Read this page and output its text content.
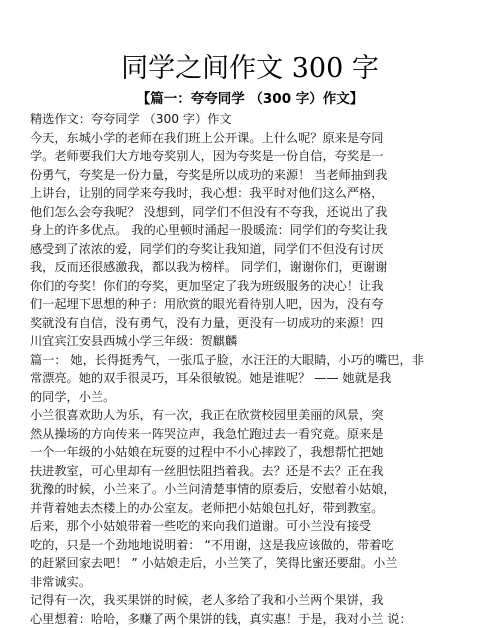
同学之间作文 300 字
【篇一：夸夸同学 （300 字）作文】
精选作文：夸夸同学 （300 字）作文
今天，东城小学的老师在我们班上公开课。上什么呢？原来是夸同
学。老师要我们大方地夸奖别人，因为夸奖是一份自信，夸奖是一
份勇气，夸奖是一份力量，夸奖是所以成功的来源！ 当老师抽到我
上讲台，让别的同学来夸我时，我心想：我平时对他们这么严格，
他们怎么会夸我呢？ 没想到，同学们不但没有不夸我，还说出了我
身上的许多优点。 我的心里顿时涌起一股暖流：同学们的夸奖让我
感受到了浓浓的爱，同学们的夸奖让我知道，同学们不但没有讨厌
我，反而还很感激我，都以我为榜样。 同学们，谢谢你们，更谢谢
你们的夸奖！你们的夸奖，更加坚定了我为班级服务的决心！让我
们一起埋下思想的种子：用欣赏的眼光看待别人吧，因为，没有夸
奖就没有自信，没有勇气，没有力量，更没有一切成功的来源！四
川宜宾江安县西城小学三年级：贺麒麟
篇一： 她，长得挺秀气，一张瓜子脸，水汪汪的大眼睛，小巧的嘴巴，非
常漂亮。她的双手很灵巧，耳朵很敏锐。她是谁呢？ —— 她就是我
的同学，小兰。
小兰很喜欢助人为乐，有一次，我正在欣赏校园里美丽的风景，突
然从操场的方向传来一阵哭泣声，我急忙跑过去一看究竟。原来是
一个一年级的小姑娘在玩耍的过程中不小心摔跤了，我想帮忙把她
扶进教室，可心里却有一丝胆怯阻挡着我。去？还是不去？正在我
犹豫的时候，小兰来了。小兰问清楚事情的原委后，安慰着小姑娘，
并背着她去杰楼上的办公室友。老师把小姑娘包扎好，带到教室。
后来，那个小姑娘带着一些吃的来向我们道谢。可小兰没有接受
吃的，只是一个劲地地说明着： “不用谢，这是我应该做的，带着吃
的赶紧回家去吧！ ” 小姑娘走后，小兰笑了，笑得比蜜还要甜。小兰
非常诚实。
记得有一次，我买果饼的时候，老人多给了我和小兰两个果饼，我
心里想着：哈哈，多赚了两个果饼的钱，真实惠！于是，我对小兰 说：
